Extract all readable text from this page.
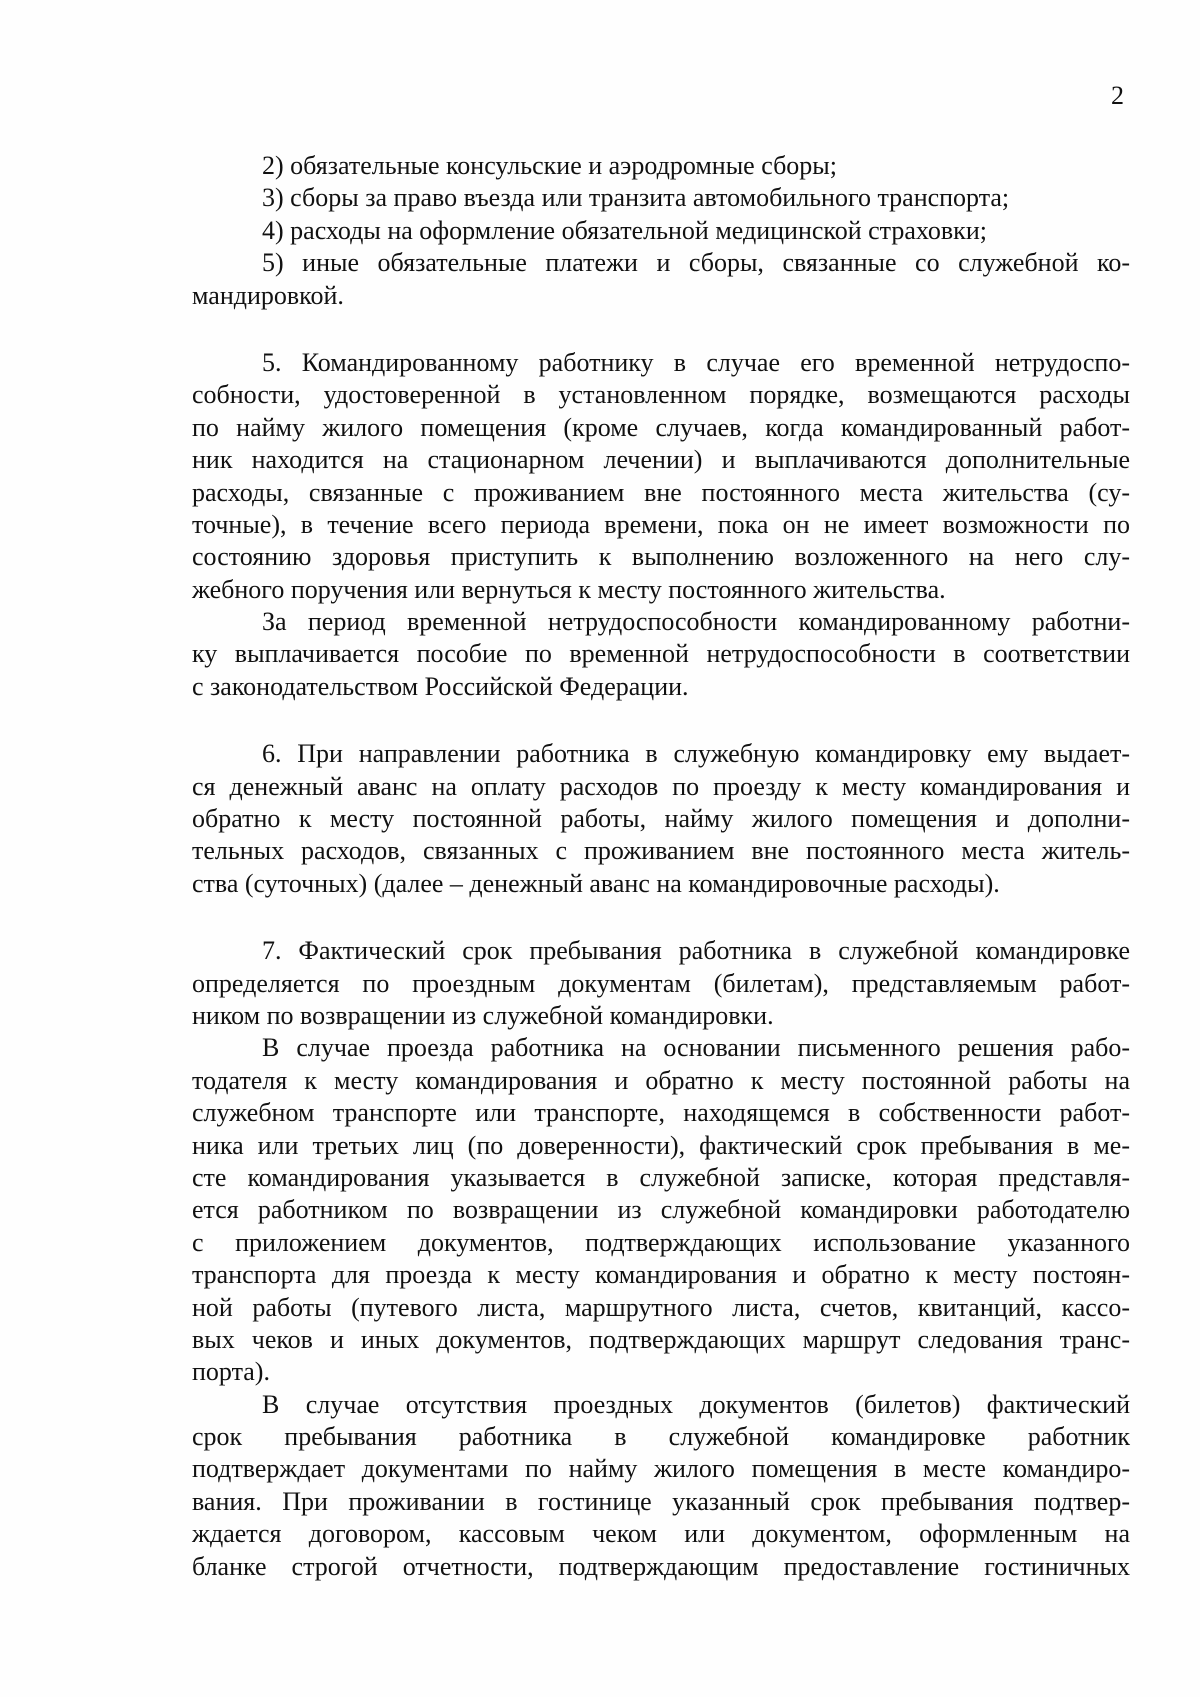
2
2) обязательные консульские и аэродромные сборы;
3) сборы за право въезда или транзита автомобильного транспорта;
4) расходы на оформление обязательной медицинской страховки;
5) иные обязательные платежи и сборы, связанные со служебной ко-
мандировкой.
5. Командированному работнику в случае его временной нетрудоспо-
собности, удостоверенной в установленном порядке, возмещаются расходы
по найму жилого помещения (кроме случаев, когда командированный работ-
ник находится на стационарном лечении) и выплачиваются дополнительные
расходы, связанные с проживанием вне постоянного места жительства (су-
точные), в течение всего периода времени, пока он не имеет возможности по
состоянию здоровья приступить к выполнению возложенного на него слу-
жебного поручения или вернуться к месту постоянного жительства.
За период временной нетрудоспособности командированному работни-
ку выплачивается пособие по временной нетрудоспособности в соответствии
с законодательством Российской Федерации.
6. При направлении работника в служебную командировку ему выдает-
ся денежный аванс на оплату расходов по проезду к месту командирования и
обратно к месту постоянной работы, найму жилого помещения и дополни-
тельных расходов, связанных с проживанием вне постоянного места житель-
ства (суточных) (далее – денежный аванс на командировочные расходы).
7. Фактический срок пребывания работника в служебной командировке
определяется по проездным документам (билетам), представляемым работ-
ником по возвращении из служебной командировки.
В случае проезда работника на основании письменного решения рабо-
тодателя к месту командирования и обратно к месту постоянной работы на
служебном транспорте или транспорте, находящемся в собственности работ-
ника или третьих лиц (по доверенности), фактический срок пребывания в ме-
сте командирования указывается в служебной записке, которая представля-
ется работником по возвращении из служебной командировки работодателю
с приложением документов, подтверждающих использование указанного
транспорта для проезда к месту командирования и обратно к месту постоян-
ной работы (путевого листа, маршрутного листа, счетов, квитанций, кассо-
вых чеков и иных документов, подтверждающих маршрут следования транс-
порта).
В случае отсутствия проездных документов (билетов) фактический
срок пребывания работника в служебной командировке работник
подтверждает документами по найму жилого помещения в месте командиро-
вания. При проживании в гостинице указанный срок пребывания подтвер-
ждается договором, кассовым чеком или документом, оформленным на
бланке строгой отчетности, подтверждающим предоставление гостиничных
